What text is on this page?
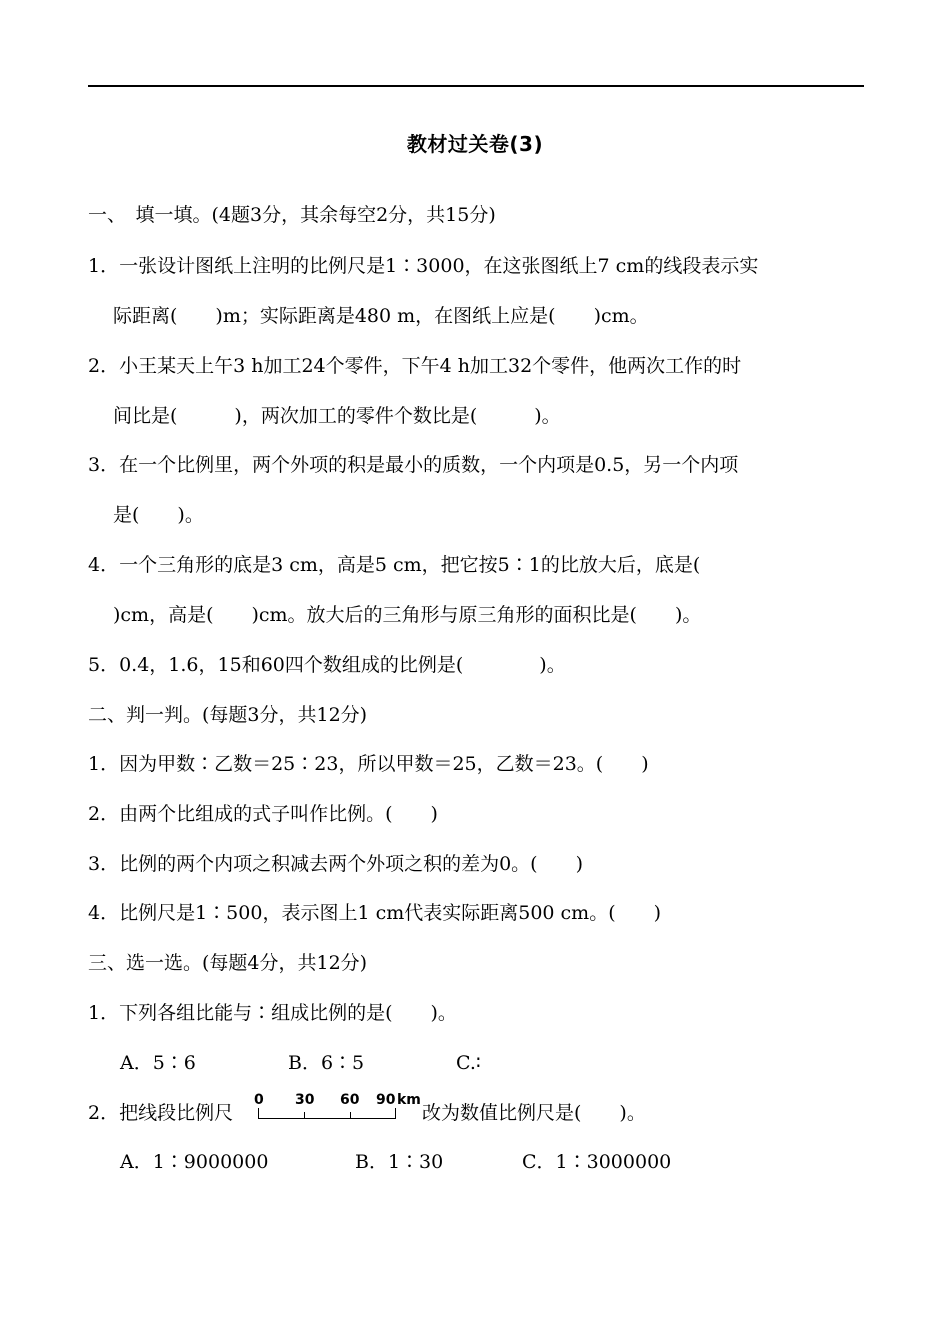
教材过关卷(3)
一、　填一填。(4题3分，其余每空2分，共15分)
1．一张设计图纸上注明的比例尺是1∶3000，在这张图纸上7 cm的线段表示实
际距离(　　)m；实际距离是480 m，在图纸上应是(　　)cm。
2．小王某天上午3 h加工24个零件，下午4 h加工32个零件，他两次工作的时
间比是(　　　)，两次加工的零件个数比是(　　　)。
3．在一个比例里，两个外项的积是最小的质数，一个内项是0.5，另一个内项
是(　　)。
4．一个三角形的底是3 cm，高是5 cm，把它按5∶1的比放大后，底是(
)cm，高是(　　)cm。放大后的三角形与原三角形的面积比是(　　)。
5．0.4，1.6，15和60四个数组成的比例是(　　　　)。
二、判一判。(每题3分，共12分)
1．因为甲数∶乙数＝25∶23，所以甲数＝25，乙数＝23。(　　)
2．由两个比组成的式子叫作比例。(　　)
3．比例的两个内项之积减去两个外项之积的差为0。(　　)
4．比例尺是1∶500，表示图上1 cm代表实际距离500 cm。(　　)
三、选一选。(每题4分，共12分)
1．下列各组比能与∶组成比例的是(　　)。
A．5∶6	B．6∶5	C.∶
2．把线段比例尺
0 30 60 90 km
改为数值比例尺是(　　)。
A．1∶9000000	B．1∶30	C．1∶3000000
